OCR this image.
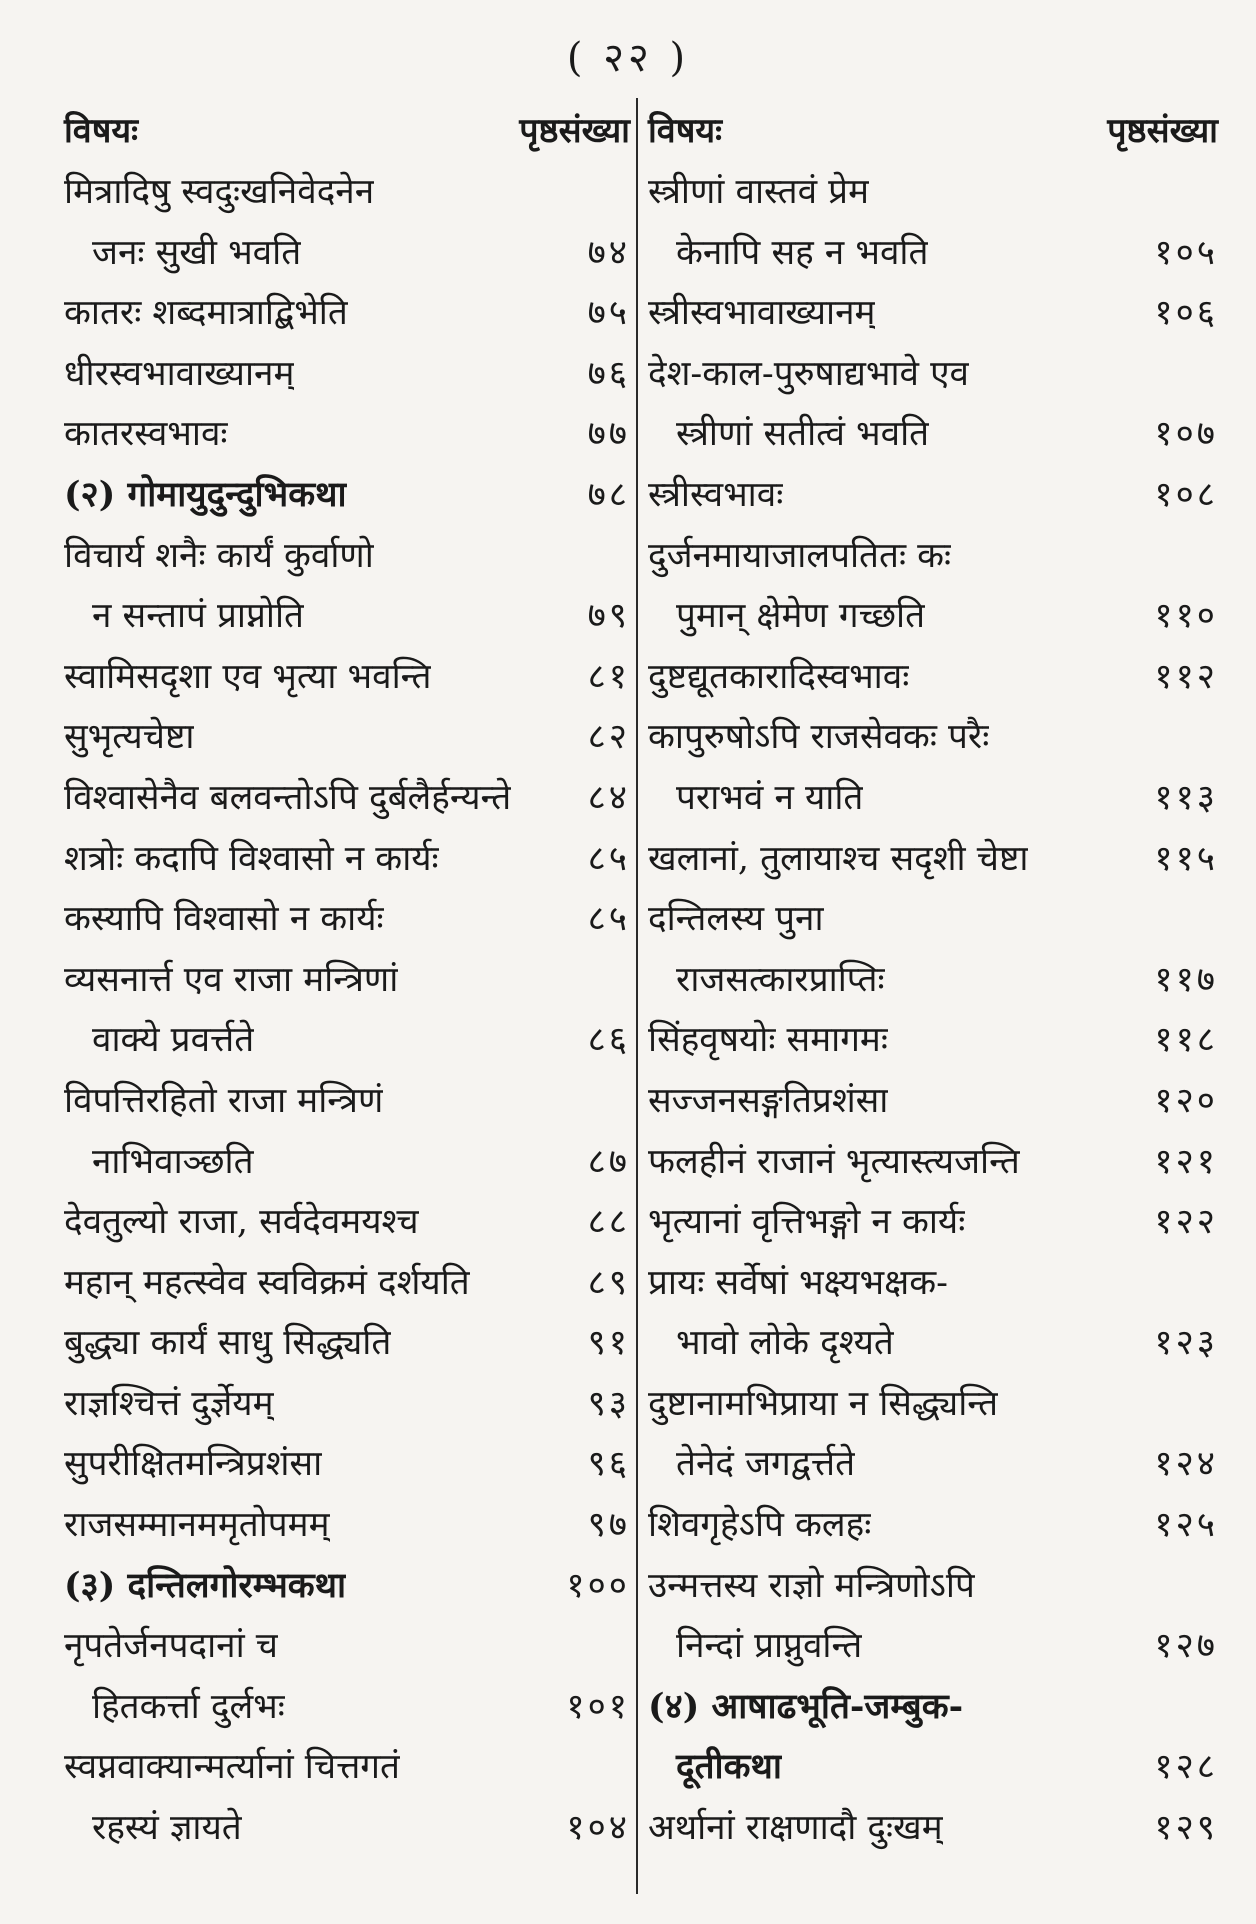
( २२ )
विषयः	पृष्ठसंख्या
मित्रादिषु स्वदुःखनिवेदनेन
जनः सुखी भवति	७४
कातरः शब्दमात्राद्बिभेति	७५
धीरस्वभावाख्यानम्	७६
कातरस्वभावः	७७
(२) गोमायुदुन्दुभिकथा	७८
विचार्य शनैः कार्यं कुर्वाणो
न सन्तापं प्राप्नोति	७९
स्वामिसदृशा एव भृत्या भवन्ति	८१
सुभृत्यचेष्टा	८२
विश्वासेनैव बलवन्तोऽपि दुर्बलैर्हन्यन्ते ८४
शत्रोः कदापि विश्वासो न कार्यः	८५
कस्यापि विश्वासो न कार्यः	८५
व्यसनार्त्त एव राजा मन्त्रिणां
वाक्ये प्रवर्त्तते	८६
विपत्तिरहितो राजा मन्त्रिणं
नाभिवाञ्छति	८७
देवतुल्यो राजा, सर्वदेवमयश्च	८८
महान् महत्स्वेव स्वविक्रमं दर्शयति	८९
बुद्ध्या कार्यं साधु सिद्ध्यति	९१
राज्ञश्चित्तं दुर्ज्ञेयम्	९३
सुपरीक्षितमन्त्रिप्रशंसा	९६
राजसम्मानममृतोपमम्	९७
(३) दन्तिलगोरम्भकथा	१००
नृपतेर्जनपदानां च
हितकर्त्ता दुर्लभः	१०१
स्वप्नवाक्यान्मर्त्यानां चित्तगतं
रहस्यं ज्ञायते	१०४
विषयः	पृष्ठसंख्या
स्त्रीणां वास्तवं प्रेम
केनापि सह न भवति	१०५
स्त्रीस्वभावाख्यानम्	१०६
देश-काल-पुरुषाद्यभावे एव
स्त्रीणां सतीत्वं भवति	१०७
स्त्रीस्वभावः	१०८
दुर्जनमायाजालपतितः कः
पुमान् क्षेमेण गच्छति	११०
दुष्टद्यूतकारादिस्वभावः	११२
कापुरुषोऽपि राजसेवकः परैः
पराभवं न याति	११३
खलानां, तुलायाश्च सदृशी चेष्टा	११५
दन्तिलस्य पुना
राजसत्कारप्राप्तिः	११७
सिंहवृषयोः समागमः	११८
सज्जनसङ्गतिप्रशंसा	१२०
फलहीनं राजानं भृत्यास्त्यजन्ति	१२१
भृत्यानां वृत्तिभङ्गो न कार्यः	१२२
प्रायः सर्वेषां भक्ष्यभक्षक-
भावो लोके दृश्यते	१२३
दुष्टानामभिप्राया न सिद्ध्यन्ति
तेनेदं जगद्वर्त्तते	१२४
शिवगृहेऽपि कलहः	१२५
उन्मत्तस्य राज्ञो मन्त्रिणोऽपि
निन्दां प्राप्नुवन्ति	१२७
(४) आषाढभूति-जम्बुक-
दूतीकथा	१२८
अर्थानां राक्षणादौ दुःखम्	१२९
